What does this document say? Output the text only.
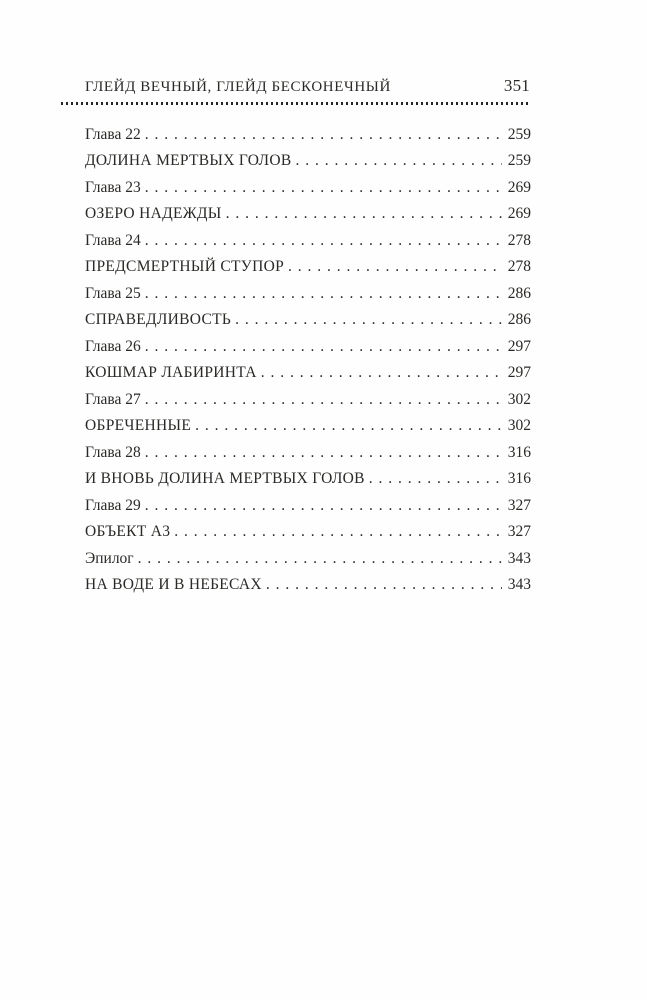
ГЛЕЙД ВЕЧНЫЙ, ГЛЕЙД БЕСКОНЕЧНЫЙ	351
Глава 22 . . .	259
ДОЛИНА МЕРТВЫХ ГОЛОВ . . .	259
Глава 23 . . .	269
ОЗЕРО НАДЕЖДЫ . . .	269
Глава 24 . . .	278
ПРЕДСМЕРТНЫЙ СТУПОР . . .	278
Глава 25 . . .	286
СПРАВЕДЛИВОСТЬ . . .	286
Глава 26 . . .	297
КОШМАР ЛАБИРИНТА . . .	297
Глава 27 . . .	302
ОБРЕЧЕННЫЕ . . .	302
Глава 28 . . .	316
И ВНОВЬ ДОЛИНА МЕРТВЫХ ГОЛОВ . . .	316
Глава 29 . . .	327
ОБЪЕКТ А3 . . .	327
Эпилог . . .	343
НА ВОДЕ И В НЕБЕСАХ . . .	343
